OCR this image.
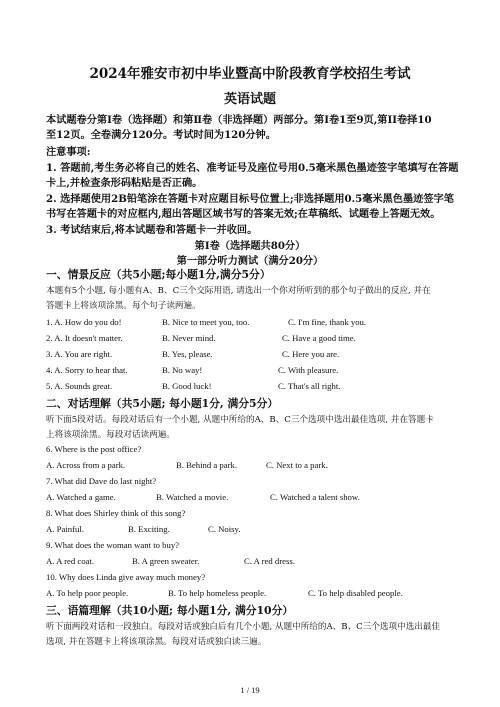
2024年雅安市初中毕业暨高中阶段教育学校招生考试
英语试题
本试题卷分第Ⅰ卷（选择题）和第Ⅱ卷（非选择题）两部分。第Ⅰ卷1至9页,第II卷择10
至12页。全卷满分120分。考试时间为120分钟。
注意事项:
1. 答题前,考生务必将自己的姓名、准考证号及座位号用0.5毫米黑色墨迹签字笔填写在答题
卡上,并检查条形码粘贴是否正确。
2. 选择题使用2B铅笔涂在答题卡对应题目标号位置上;非选择题用0.5毫米黑色墨迹签字笔
书写在答题卡的对应框内,超出答题区域书写的答案无效;在草稿纸、试题卷上答题无效。
3. 考试结束后,将本试题卷和答题卡一并收回。
第Ⅰ卷（选择题共80分）
第一部分听力测试（满分20分）
一、情景反应（共5小题;每小题1分,满分5分）
本题有5个小题, 每小题有A、B、C三个交际用语, 请选出一个你对所听到的那个句子做出的反应, 并在
答题卡上将该项涂黑。每个句子读两遍。
1. A. How do you do!	B. Nice to meet you, too.	C. I'm fine, thank you.
2. A. It doesn't matter.	B. Never mind.	C. Have a good time.
3. A. You are right.	B. Yes, please.	C. Here you are.
4. A. Sorry to hear that.	B. No way!	C. With pleasure.
5. A. Sounds great.	B. Good luck!	C. That's all right.
二、对话理解（共5小题; 每小题1分, 满分5分）
听下面5段对话。每段对话后有一个小题, 从题中所给的A、B、C三个选项中选出最佳选项, 并在答题卡
上将该项涂黑。每段对话读两遍。
6. Where is the post office?
A. Across from a park.	B. Behind a park.	C. Next to a park.
7. What did Dave do last night?
A. Watched a game.	B. Watched a movie.	C. Watched a talent show.
8. What does Shirley think of this song?
A. Painful.	B. Exciting.	C. Noisy.
9. What does the woman want to buy?
A. A red coat.	B. A green sweater.	C. A red dress.
10. Why does Linda give away much money?
A. To help poor people.	B. To help homeless people.	C. To help disabled people.
三、语篇理解（共10小题; 每小题1分, 满分10分）
听下面两段对话和一段独白。每段对话或独白后有几个小题, 从题中所给的A、B、C三个选项中选出最佳
选项, 并在答题卡上将该项涂黑。每段对话或独白读三遍。
1 / 19
